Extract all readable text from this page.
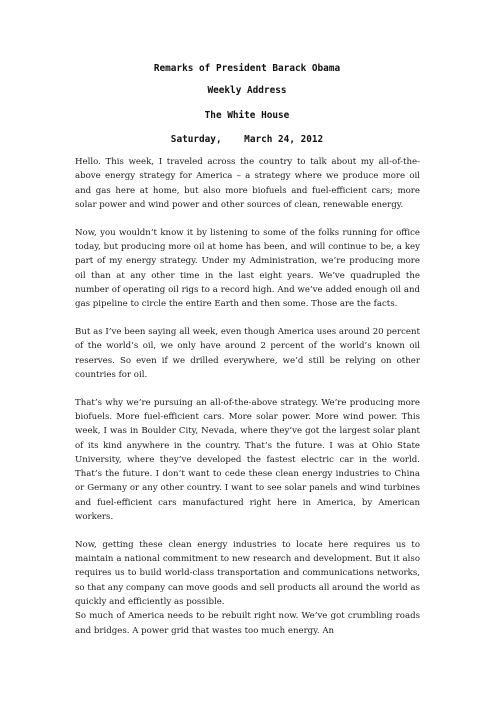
Remarks of President Barack Obama
Weekly Address
The White House
Saturday,    March 24, 2012

Hello. This week, I traveled across the country to talk about my all-of-the-above energy strategy for America – a strategy where we produce more oil and gas here at home, but also more biofuels and fuel-efficient cars; more solar power and wind power and other sources of clean, renewable energy.

Now, you wouldn’t know it by listening to some of the folks running for office today, but producing more oil at home has been, and will continue to be, a key part of my energy strategy. Under my Administration, we’re producing more oil than at any other time in the last eight years. We’ve quadrupled the number of operating oil rigs to a record high. And we’ve added enough oil and gas pipeline to circle the entire Earth and then some. Those are the facts.

But as I’ve been saying all week, even though America uses around 20 percent of the world’s oil, we only have around 2 percent of the world’s known oil reserves. So even if we drilled everywhere, we’d still be relying on other countries for oil.

That’s why we’re pursuing an all-of-the-above strategy. We’re producing more biofuels. More fuel-efficient cars. More solar power. More wind power. This week, I was in Boulder City, Nevada, where they’ve got the largest solar plant of its kind anywhere in the country. That’s the future. I was at Ohio State University, where they’ve developed the fastest electric car in the world. That’s the future. I don’t want to cede these clean energy industries to China or Germany or any other country. I want to see solar panels and wind turbines and fuel-efficient cars manufactured right here in America, by American workers.

Now, getting these clean energy industries to locate here requires us to maintain a national commitment to new research and development. But it also requires us to build world-class transportation and communications networks, so that any company can move goods and sell products all around the world as quickly and efficiently as possible.

So much of America needs to be rebuilt right now. We’ve got crumbling roads and bridges. A power grid that wastes too much energy. An
